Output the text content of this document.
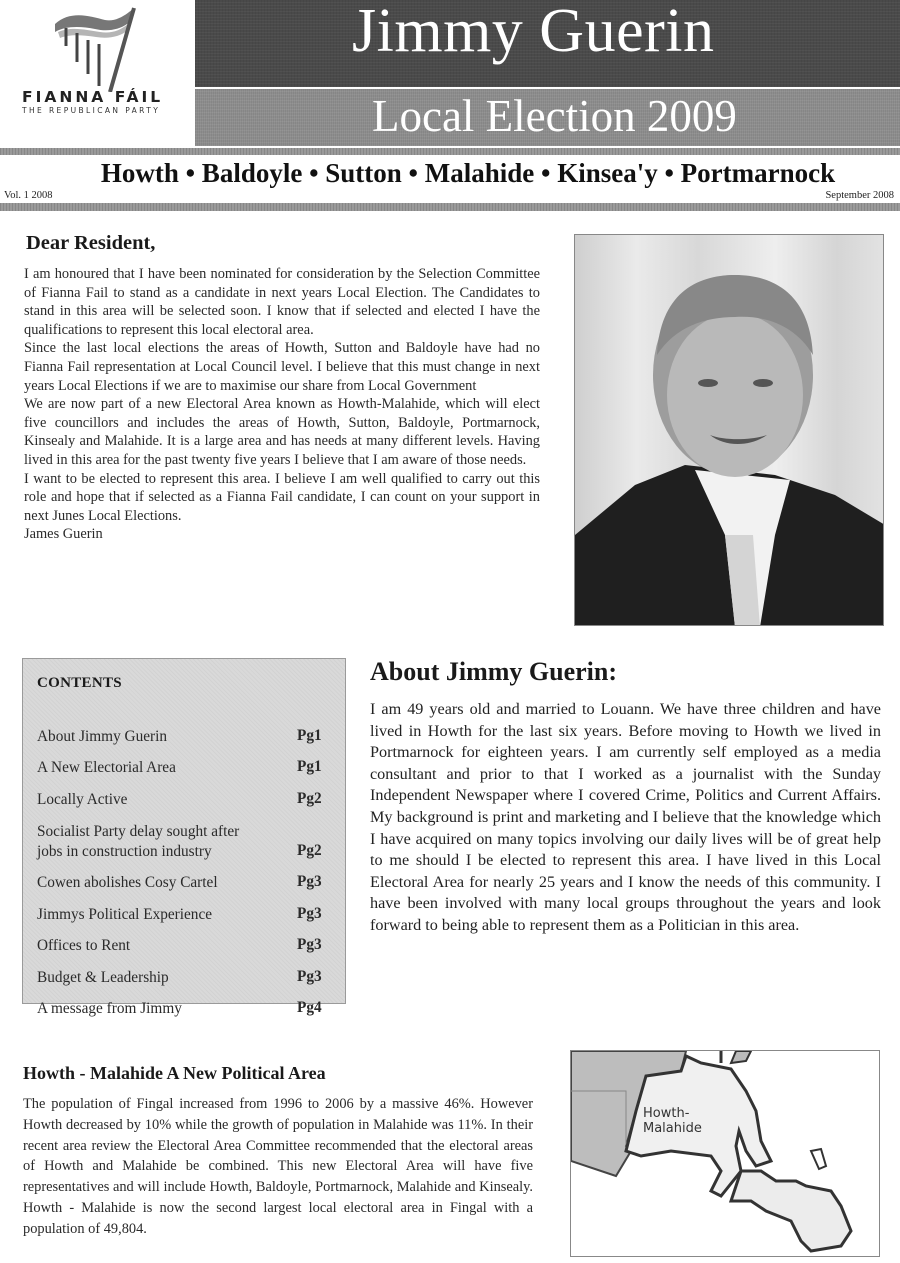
FIANNA FÁIL
THE REPUBLICAN PARTY
Jimmy Guerin
Local Election 2009
Howth • Baldoyle • Sutton • Malahide • Kinsea'y • Portmarnock
Vol. 1 2008	September 2008
Dear Resident,

I am honoured that I have been nominated for consideration by the Selection Committee of Fianna Fail to stand as a candidate in next years Local Election. The Candidates to stand in this area will be selected soon. I know that if selected and elected I have the qualifications to represent this local electoral area.

Since the last local elections the areas of Howth, Sutton and Baldoyle have had no Fianna Fail representation at Local Council level. I believe that this must change in next years Local Elections if we are to maximise our share from Local Government

We are now part of a new Electoral Area known as Howth-Malahide, which will elect five councillors and includes the areas of Howth, Sutton, Baldoyle, Portmarnock, Kinsealy and Malahide. It is a large area and has needs at many different levels. Having lived in this area for the past twenty five years I believe that I am aware of those needs.

I want to be elected to represent this area. I believe I am well qualified to carry out this role and hope that if selected as a Fianna Fail candidate, I can count on your support in next Junes Local Elections.

James Guerin

CONTENTS
About Jimmy Guerin	Pg1
A New Electorial Area	Pg1
Locally Active	Pg2
Socialist Party delay sought after jobs in construction industry	Pg2
Cowen abolishes Cosy Cartel	Pg3
Jimmys Political Experience	Pg3
Offices to Rent	Pg3
Budget & Leadership	Pg3
A message from Jimmy	Pg4
About Jimmy Guerin:

I am 49 years old and married to Louann. We have three children and have lived in Howth for the last six years. Before moving to Howth we lived in Portmarnock for eighteen years. I am currently self employed as a media consultant and prior to that I worked as a journalist with the Sunday Independent Newspaper where I covered Crime, Politics and Current Affairs. My background is print and marketing and I believe that the knowledge which I have acquired on many topics involving our daily lives will be of great help to me should I be elected to represent this area. I have lived in this Local Electoral Area for nearly 25 years and I know the needs of this community. I have been involved with many local groups throughout the years and look forward to being able to represent them as a Politician in this area.

Howth - Malahide A New Political Area

The population of Fingal increased from 1996 to 2006 by a massive 46%. However Howth decreased by 10% while the growth of population in Malahide was 11%. In their recent area review the Electoral Area Committee recommended that the electoral areas of Howth and Malahide be combined. This new Electoral Area will have five representatives and will include Howth, Baldoyle, Portmarnock, Malahide and Kinsealy. Howth - Malahide is now the second largest local electoral area in Fingal with a population of 49,804.

Howth-
Malahide
